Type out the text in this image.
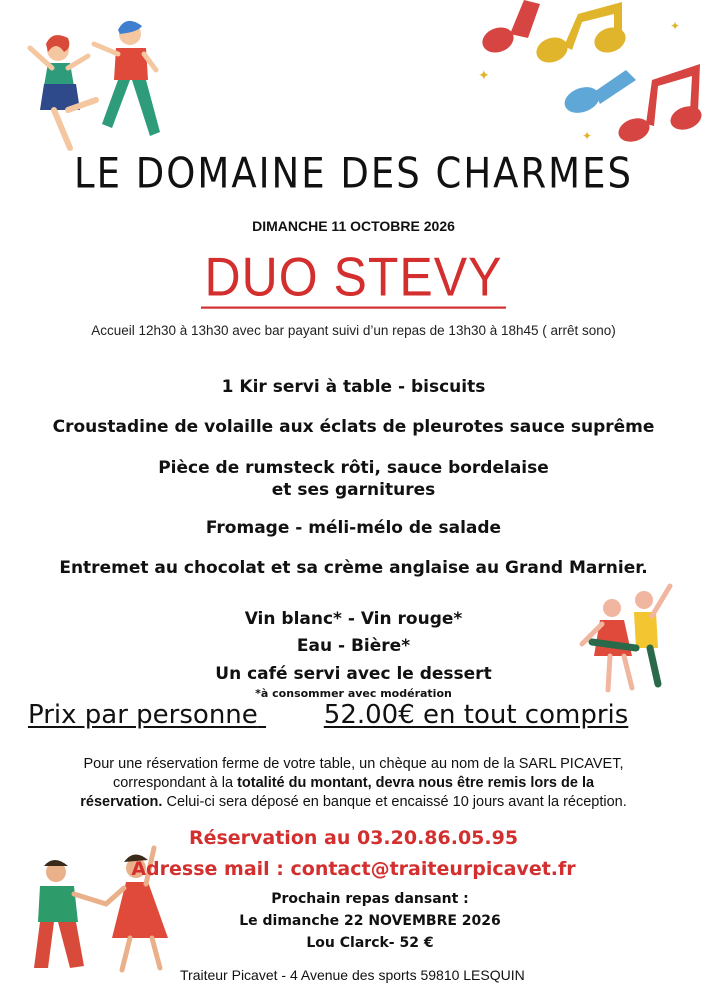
✦
✦
✦
LE DOMAINE DES CHARMES
DIMANCHE 11 OCTOBRE 2026
DUO STEVY
Accueil 12h30 à 13h30 avec bar payant suivi d’un repas de 13h30 à 18h45 ( arrêt sono)
1 Kir servi à table - biscuits
Croustadine de volaille aux éclats de pleurotes sauce suprême
Pièce de rumsteck rôti, sauce bordelaise
et ses garnitures
Fromage - méli-mélo de salade
Entremet au chocolat et sa crème anglaise au Grand Marnier.
Vin blanc* - Vin rouge*
Eau - Bière*
Un café servi avec le dessert
*à consommer avec modération
Prix par personne	52.00€ en tout compris
Pour une réservation ferme de votre table, un chèque au nom de la SARL PICAVET,
correspondant à la totalité du montant, devra nous être remis lors de la
réservation. Celui-ci sera déposé en banque et encaissé 10 jours avant la réception.
Réservation au 03.20.86.05.95
Adresse mail : contact@traiteurpicavet.fr
Prochain repas dansant :
Le dimanche 22 NOVEMBRE 2026
Lou Clarck- 52 €
Traiteur Picavet - 4 Avenue des sports 59810 LESQUIN
